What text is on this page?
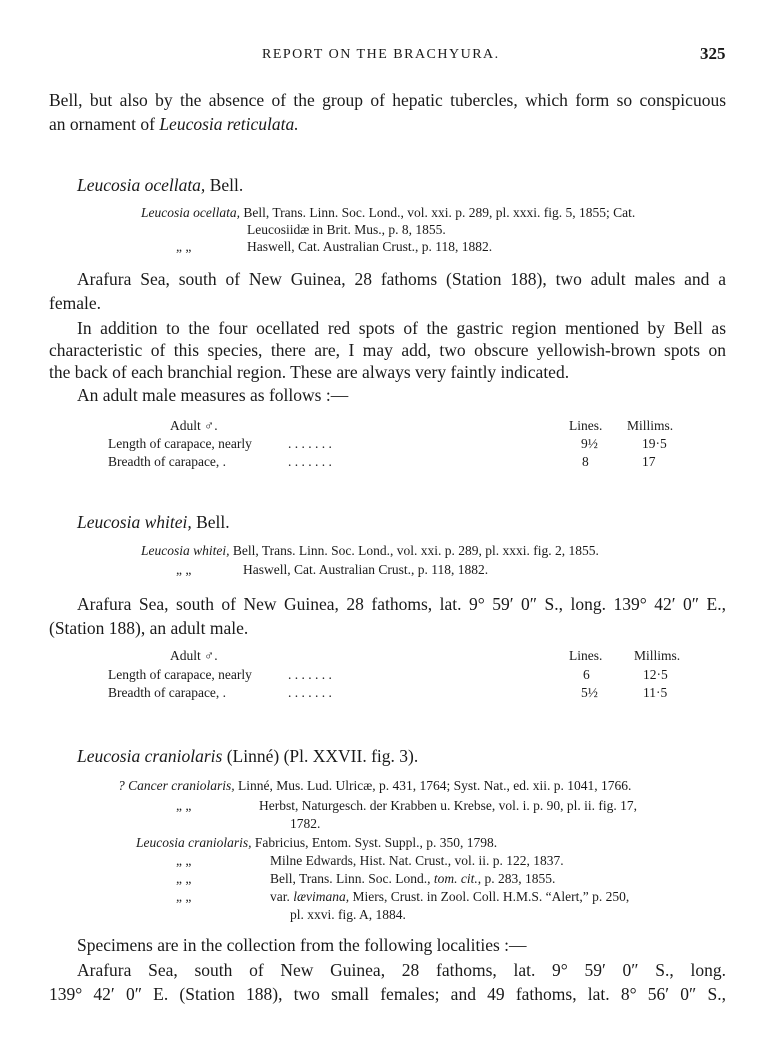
REPORT ON THE BRACHYURA.	325
Bell, but also by the absence of the group of hepatic tubercles, which form so conspicuous
an ornament of Leucosia reticulata.
Leucosia ocellata, Bell.
Leucosia ocellata, Bell, Trans. Linn. Soc. Lond., vol. xxi. p. 289, pl. xxxi. fig. 5, 1855; Cat.
Leucosiidæ in Brit. Mus., p. 8, 1855.
„ „	Haswell, Cat. Australian Crust., p. 118, 1882.
Arafura Sea, south of New Guinea, 28 fathoms (Station 188), two adult males and a
female.
In addition to the four ocellated red spots of the gastric region mentioned by Bell as
characteristic of this species, there are, I may add, two obscure yellowish-brown spots on
the back of each branchial region. These are always very faintly indicated.
An adult male measures as follows :—
Adult ♂.	Lines. Millims.
Length of carapace, nearly	. . . . . . .	9½	19·5
Breadth of carapace, .	. . . . . . .	8	17
Leucosia whitei, Bell.
Leucosia whitei, Bell, Trans. Linn. Soc. Lond., vol. xxi. p. 289, pl. xxxi. fig. 2, 1855.
„ „	Haswell, Cat. Australian Crust., p. 118, 1882.
Arafura Sea, south of New Guinea, 28 fathoms, lat. 9° 59′ 0″ S., long. 139° 42′ 0″ E.,
(Station 188), an adult male.
Adult ♂.	Lines. Millims.
Length of carapace, nearly	. . . . . . .	6	12·5
Breadth of carapace, .	. . . . . . .	5½	11·5
Leucosia craniolaris (Linné) (Pl. XXVII. fig. 3).
? Cancer craniolaris, Linné, Mus. Lud. Ulricæ, p. 431, 1764; Syst. Nat., ed. xii. p. 1041, 1766.
„ „	Herbst, Naturgesch. der Krabben u. Krebse, vol. i. p. 90, pl. ii. fig. 17,
1782.
Leucosia craniolaris, Fabricius, Entom. Syst. Suppl., p. 350, 1798.
„ „	Milne Edwards, Hist. Nat. Crust., vol. ii. p. 122, 1837.
„ „	Bell, Trans. Linn. Soc. Lond., tom. cit., p. 283, 1855.
„ „	var. lævimana, Miers, Crust. in Zool. Coll. H.M.S. “Alert,” p. 250,
pl. xxvi. fig. A, 1884.
Specimens are in the collection from the following localities :—
Arafura Sea, south of New Guinea, 28 fathoms, lat. 9° 59′ 0″ S., long.
139° 42′ 0″ E. (Station 188), two small females; and 49 fathoms, lat. 8° 56′ 0″ S.,
